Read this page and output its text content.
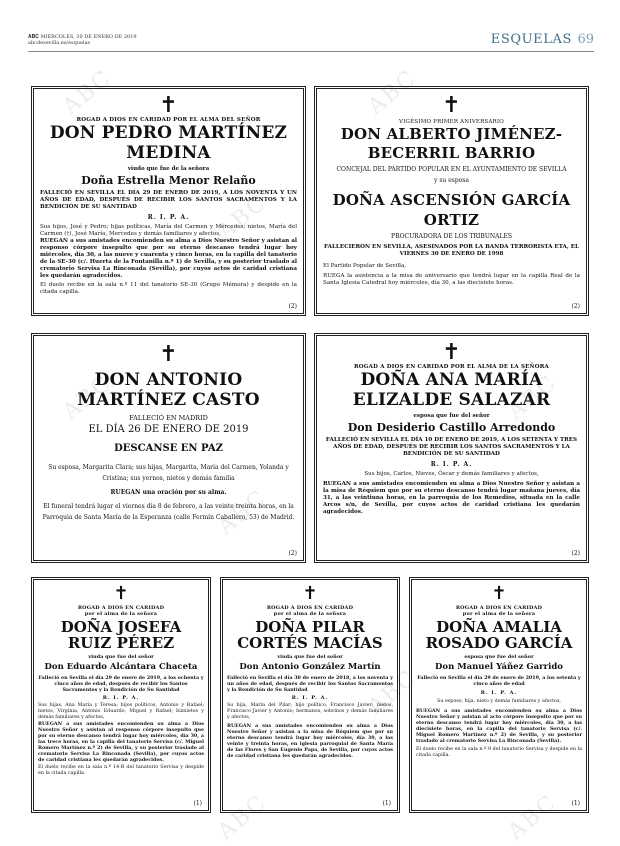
ABC MIÉRCOLES, 30 DE ENERO DE 2019
abcdesevilla.es/esquelas	ESQUELAS 69
✝
ROGAD A DIOS EN CARIDAD POR EL ALMA DEL SEÑOR
DON PEDRO MARTÍNEZ MEDINA
viudo que fue de la señora
Doña Estrella Menor Relaño
FALLECIÓ EN SEVILLA EL DÍA 29 DE ENERO DE 2019, A LOS NOVENTA Y UN AÑOS DE EDAD, DESPUÉS DE RECIBIR LOS SANTOS SACRAMENTOS Y LA BENDICIÓN DE SU SANTIDAD
R. I. P. A.
Sus hijos, José y Pedro; hijas políticas, María del Carmen y Mercedes; nietos, María del Carmen (†), José María, Mercedes y demás familiares y afectos,
RUEGAN a sus amistades encomienden su alma a Dios Nuestro Señor y asistan al responso córpore insepulto que por su eterno descanso tendrá lugar hoy miércoles, día 30, a las nueve y cuarenta y cinco horas, en la capilla del tanatorio de la SE-30 (c/. Huerta de la Fontanilla n.º 1) de Sevilla, y su posterior traslado al crematorio Servisa La Rinconada (Sevilla), por cuyos actos de caridad cristiana les quedarán agradecidos.
El duelo recibe en la sala n.º 11 del tanatorio SE-30 (Grupo Mémora) y despide en la citada capilla.
(2)
✝
VIGÉSIMO PRIMER ANIVERSARIO
DON ALBERTO JIMÉNEZ-BECERRIL BARRIO
CONCEJAL DEL PARTIDO POPULAR EN EL AYUNTAMIENTO DE SEVILLA
y su esposa
DOÑA ASCENSIÓN GARCÍA ORTIZ
PROCURADORA DE LOS TRIBUNALES
FALLECIERON EN SEVILLA, ASESINADOS POR LA BANDA TERRORISTA ETA, EL VIERNES 30 DE ENERO DE 1998
El Partido Popular de Sevilla,
RUEGA la asistencia a la misa de aniversario que tendrá lugar en la capilla Real de la Santa Iglesia Catedral hoy miércoles, día 30, a las diecisiete horas.
(2)
✝
DON ANTONIO MARTÍNEZ CASTO
FALLECIÓ EN MADRID
EL DÍA 26 DE ENERO DE 2019
DESCANSE EN PAZ
Su esposa, Margarita Clara; sus hijas, Margarita, María del Carmen, Yolanda y Cristina; sus yernos, nietos y demás familia
RUEGAN una oración por su alma.
El funeral tendrá lugar el viernes día 8 de febrero, a las veinte treinta horas, en la Parroquia de Santa María de la Esperanza (calle Fermín Caballero, 53) de Madrid.
(2)
✝
ROGAD A DIOS EN CARIDAD POR EL ALMA DE LA SEÑORA
DOÑA ANA MARÍA ELIZALDE SALAZAR
esposa que fue del señor
Don Desiderio Castillo Arredondo
FALLECIÓ EN SEVILLA EL DÍA 10 DE ENERO DE 2019, A LOS SETENTA Y TRES AÑOS DE EDAD, DESPUÉS DE RECIBIR LOS SANTOS SACRAMENTOS Y LA BENDICIÓN DE SU SANTIDAD
R. I. P. A.
Sus hijos, Carlos, Nieves, Óscar y demás familiares y afectos,
RUEGAN a sus amistades encomienden su alma a Dios Nuestro Señor y asistan a la misa de Réquiem que por su eterno descanso tendrá lugar mañana jueves, día 31, a las veintiuna horas, en la parroquia de los Remedios, situada en la calle Arcos s/n, de Sevilla, por cuyos actos de caridad cristiana les quedarán agradecidos.
(2)
✝
ROGAD A DIOS EN CARIDAD
por el alma de la señora
DOÑA JOSEFA RUIZ PÉREZ
viuda que fue del señor
Don Eduardo Alcántara Chaceta
Falleció en Sevilla el día 29 de enero de 2019, a los ochenta y cinco años de edad, después de recibir los Santos Sacramentos y la Bendición de Su Santidad
R. I. P. A.
Sus hijas, Ana María y Teresa; hijos políticos, Antonio y Rafael; nietos, Virginia, Antonio Eduardo, Miguel y Rafael; biznietos y demás familiares y afectos,
RUEGAN a sus amistades encomienden su alma a Dios Nuestro Señor y asistan al responso córpore insepulto que por su eterno descanso tendrá lugar hoy miércoles, día 30, a las trece horas, en la capilla del tanatorio Servisa (c/. Miguel Romero Martínez n.º 2) de Sevilla, y su posterior traslado al crematorio Servisa La Rinconada (Sevilla), por cuyos actos de caridad cristiana les quedarán agradecidos.
El duelo recibe en la sala n.º 14-B del tanatorio Servisa y despide en la citada capilla.
(1)
✝
ROGAD A DIOS EN CARIDAD
por el alma de la señora
DOÑA PILAR CORTÉS MACÍAS
viuda que fue del señor
Don Antonio González Martín
Falleció en Sevilla el día 30 de enero de 2018, a los noventa y un años de edad, después de recibir los Santos Sacramentos y la Bendición de Su Santidad
R. I. P. A.
Su hija, María del Pilar; hijo político, Francisco Javier; nietos, Francisco Javier y Antonio; hermanos, sobrinos y demás familiares y afectos,
RUEGAN a sus amistades encomienden su alma a Dios Nuestro Señor y asistan a la misa de Réquiem que por su eterno descanso tendrá lugar hoy miércoles, día 30, a las veinte y treinta horas, en iglesia parroquial de Santa María de las Flores y San Eugenio Papa, de Sevilla, por cuyos actos de caridad cristiana les quedarán agradecidos.
(1)
✝
ROGAD A DIOS EN CARIDAD
por el alma de la señora
DOÑA AMALIA ROSADO GARCÍA
esposa que fue del señor
Don Manuel Yáñez Garrido
Falleció en Sevilla el día 29 de enero de 2019, a los setenta y cinco años de edad
R. I. P. A.
Su esposo, hija, nieto y demás familiares y afectos,
RUEGAN a sus amistades encomienden su alma a Dios Nuestro Señor y asistan al acto córpore insepulto que por su eterno descanso tendrá lugar hoy miércoles, día 30, a las diecisiete horas, en la capilla del tanatorio Servisa (c/. Miguel Romero Martínez n.º 2) de Sevilla, y su posterior traslado al crematorio Servisa La Rinconada (Sevilla).
El duelo recibe en la sala n.º 9 del tanatorio Servisa y despide en la citada capilla.
(1)
ABC	ABC
ABC
ABC	ABC
ABC
ABC
ABC	ABC
